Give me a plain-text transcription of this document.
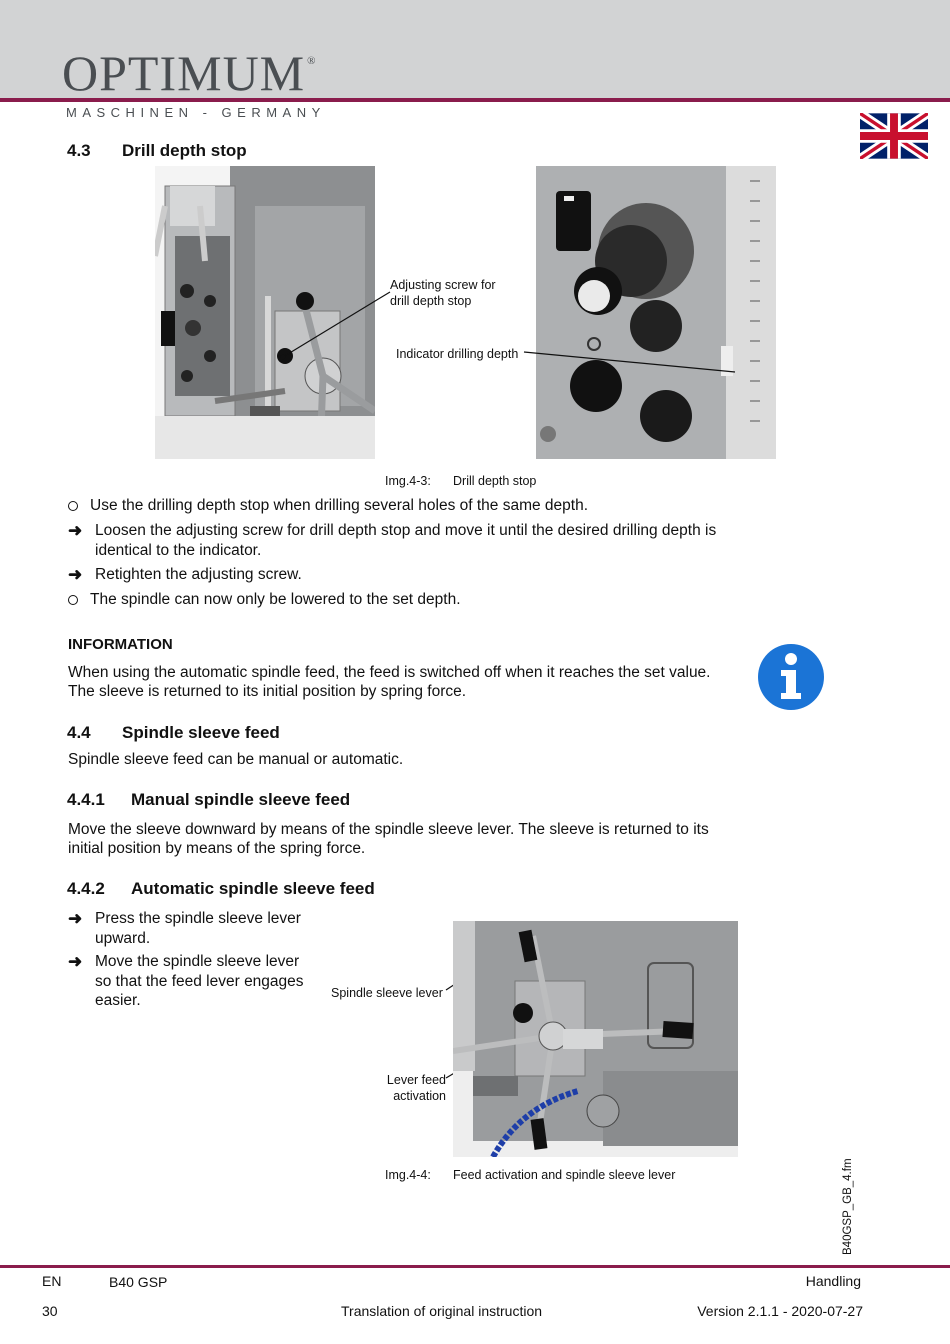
OPTIMUM ®
MASCHINEN - GERMANY
4.3 Drill depth stop
Adjusting screw for
drill depth stop
Indicator drilling depth
Img.4-3: Drill depth stop
Use the drilling depth stop when drilling several holes of the same depth.
➜ Loosen the adjusting screw for drill depth stop and move it until the desired drilling depth is
identical to the indicator.
➜ Retighten the adjusting screw.
The spindle can now only be lowered to the set depth.
INFORMATION
When using the automatic spindle feed, the feed is switched off when it reaches the set value.
The sleeve is returned to its initial position by spring force.
4.4 Spindle sleeve feed
Spindle sleeve feed can be manual or automatic.
4.4.1 Manual spindle sleeve feed
Move the sleeve downward by means of the spindle sleeve lever. The sleeve is returned to its
initial position by means of the spring force.
4.4.2 Automatic spindle sleeve feed
➜ Press the spindle sleeve lever
upward.
➜ Move the spindle sleeve lever
so that the feed lever engages
easier.	Spindle sleeve lever
Lever feed
activation
Img.4-4: Feed activation and spindle sleeve lever	B40GSP_GB_4.fm
EN	B40 GSP	Handling
30	Translation of original instruction	Version 2.1.1 - 2020-07-27
